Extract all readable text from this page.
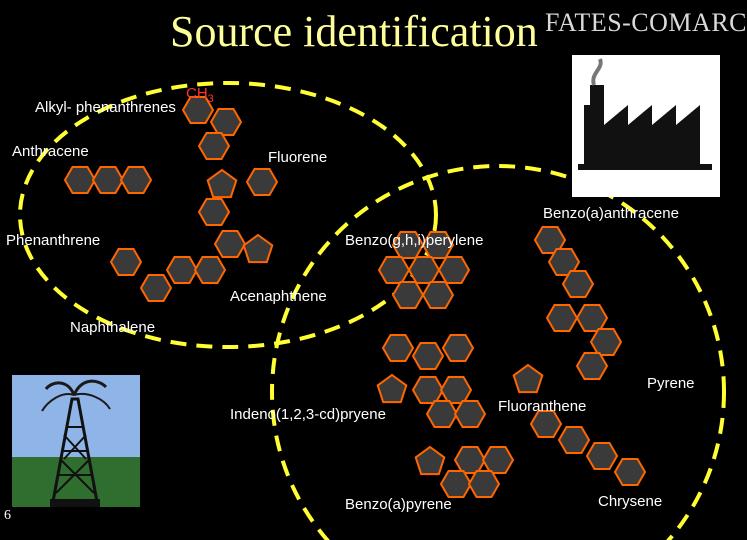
Source identification FATES-COMARC
$CH_3$
Alkyl- phenanthrenes
Anthracene	Fluorene
Phenanthrene
Acenaphthene
Naphthalene
Benzo(a)anthracene
Benzo(g,h,i)perylene
Pyrene
Fluoranthene
Indeno(1,2,3-cd)pryene
Benzo(a)pyrene	Chrysene
6
